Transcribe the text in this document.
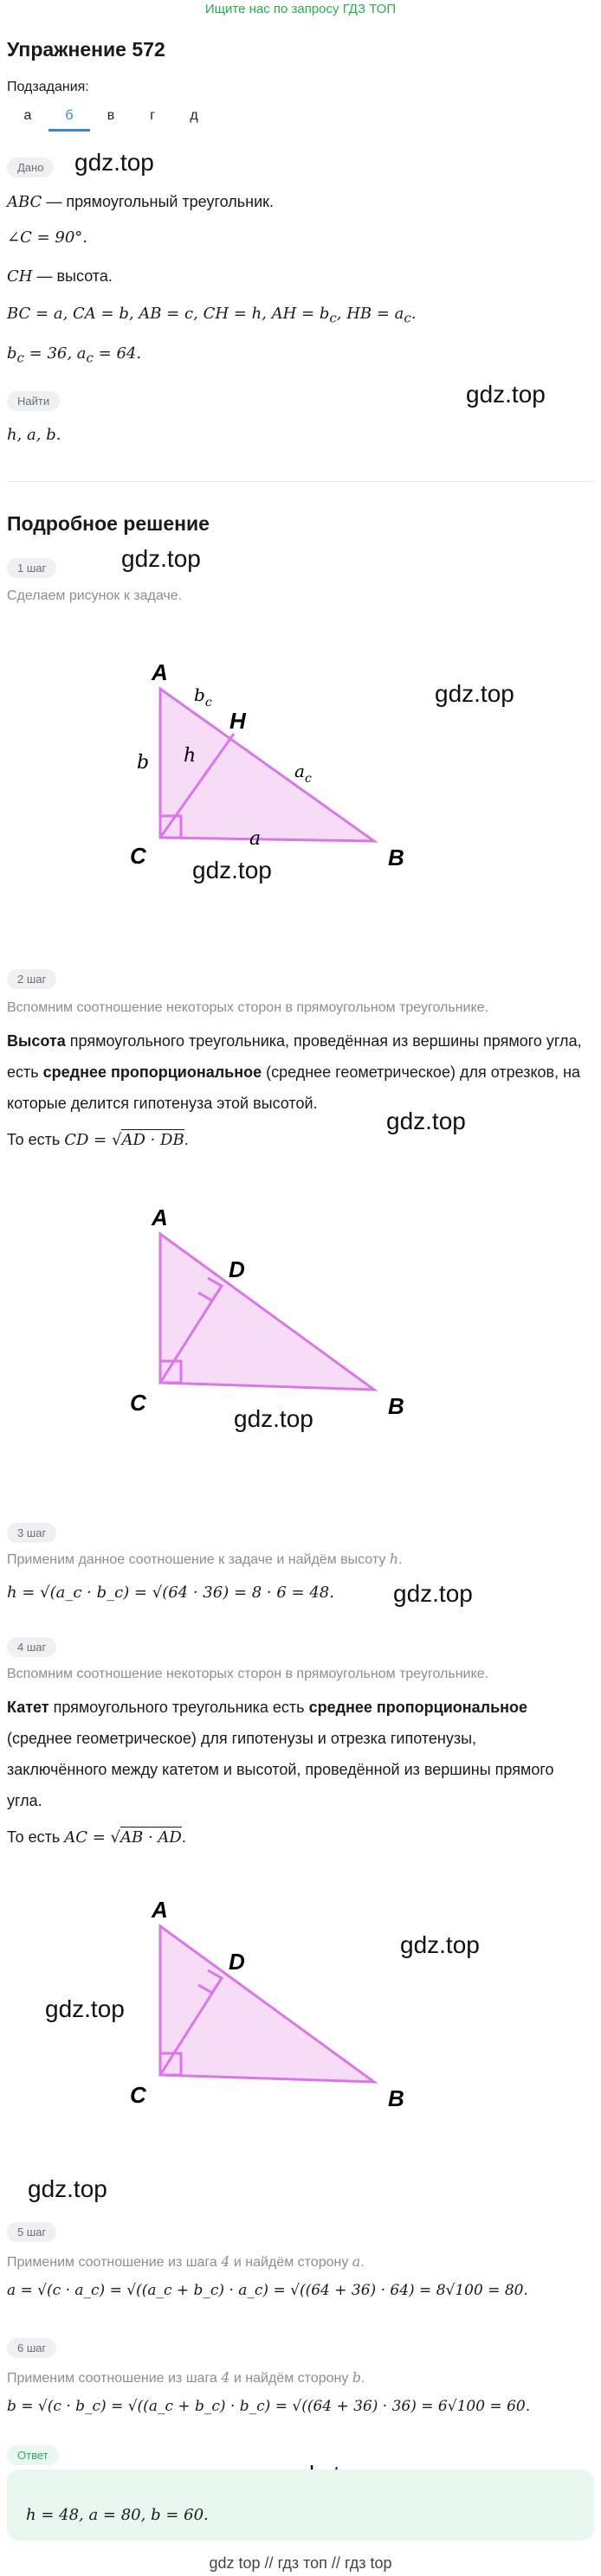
Ищите нас по запросу ГДЗ ТОП
Упражнение 572
Подзадания:
а	б	в	г	д
Дано	gdz.top
ABC — прямоугольный треугольник.
∠C = 90°.
CH — высота.
BC = a, CA = b, AB = c, CH = h, AH = $b_c$, HB = $a_c$.
$b_c = 36$, $a_c = 64$.
Найти	gdz.top
h, a, b.
Подробное решение
1 шаг	gdz.top
Сделаем рисунок к задаче.
gdz.top
A
H
C	B
b h
a
$b_c$
$a_c$
gdz.top
2 шаг
Вспомним соотношение некоторых сторон в прямоугольном треугольнике.
Высота прямоугольного треугольника, проведённая из вершины прямого угла,
есть среднее пропорциональное (среднее геометрическое) для отрезков, на
которые делится гипотенуза этой высотой.
gdz.top
То есть CD = √AD · DB.
A
D
C	B
gdz.top
3 шаг
Применим данное соотношение к задаче и найдём высоту h.
h = √(a_c · b_c) = √(64 · 36) = 8 · 6 = 48. gdz.top
4 шаг
Вспомним соотношение некоторых сторон в прямоугольном треугольнике.
Катет прямоугольного треугольника есть среднее пропорциональное
(среднее геометрическое) для гипотенузы и отрезка гипотенузы,
заключённого между катетом и высотой, проведённой из вершины прямого
угла.
То есть AC = √AB · AD.
A
D
C	B
gdz.top
gdz.top
gdz.top
5 шаг
Применим соотношение из шага 4 и найдём сторону a.
a = √(c · a_c) = √((a_c + b_c) · a_c) = √((64 + 36) · 64) = 8√100 = 80.
6 шаг
Применим соотношение из шага 4 и найдём сторону b.
b = √(c · b_c) = √((a_c + b_c) · b_c) = √((64 + 36) · 36) = 6√100 = 60.
Ответ
h = 48, a = 80, b = 60.
gdz top // гдз топ // гдз top
